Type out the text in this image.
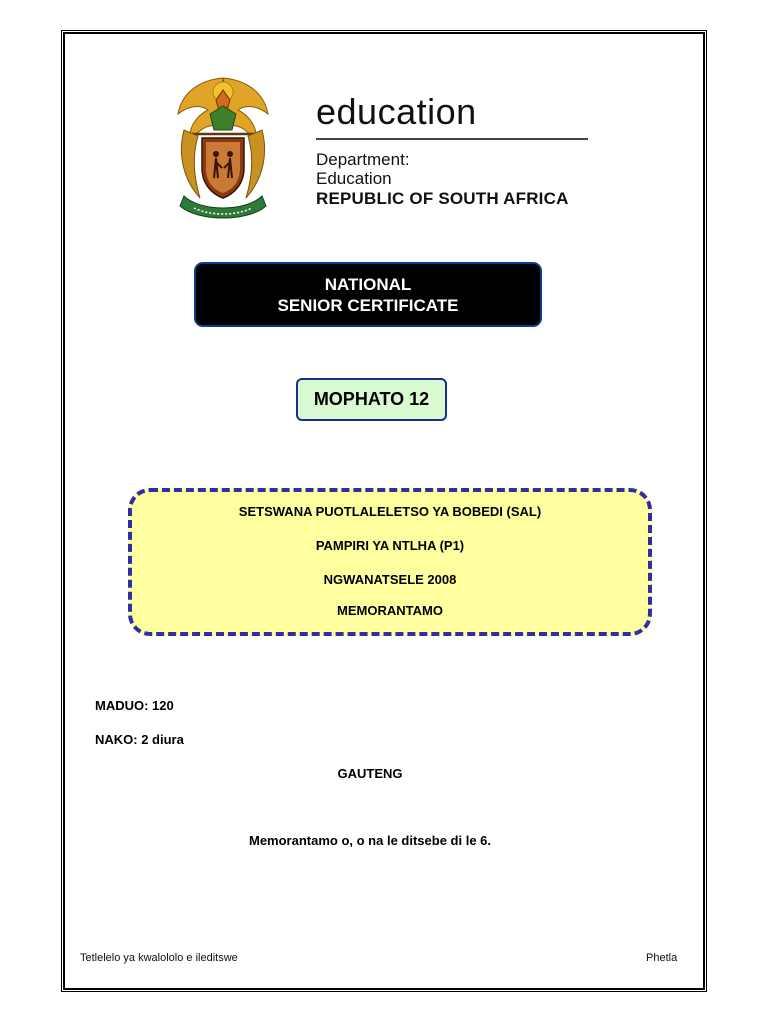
education
Department:
Education
REPUBLIC OF SOUTH AFRICA
NATIONAL
SENIOR CERTIFICATE
MOPHATO 12
SETSWANA PUOTLALELETSO YA BOBEDI (SAL)
PAMPIRI YA NTLHA (P1)
NGWANATSELE 2008
MEMORANTAMO
MADUO: 120
NAKO: 2 diura
GAUTENG
Memorantamo o, o na le ditsebe di le 6.
Tetlelelo ya kwalololo e ileditswe	Phetla
